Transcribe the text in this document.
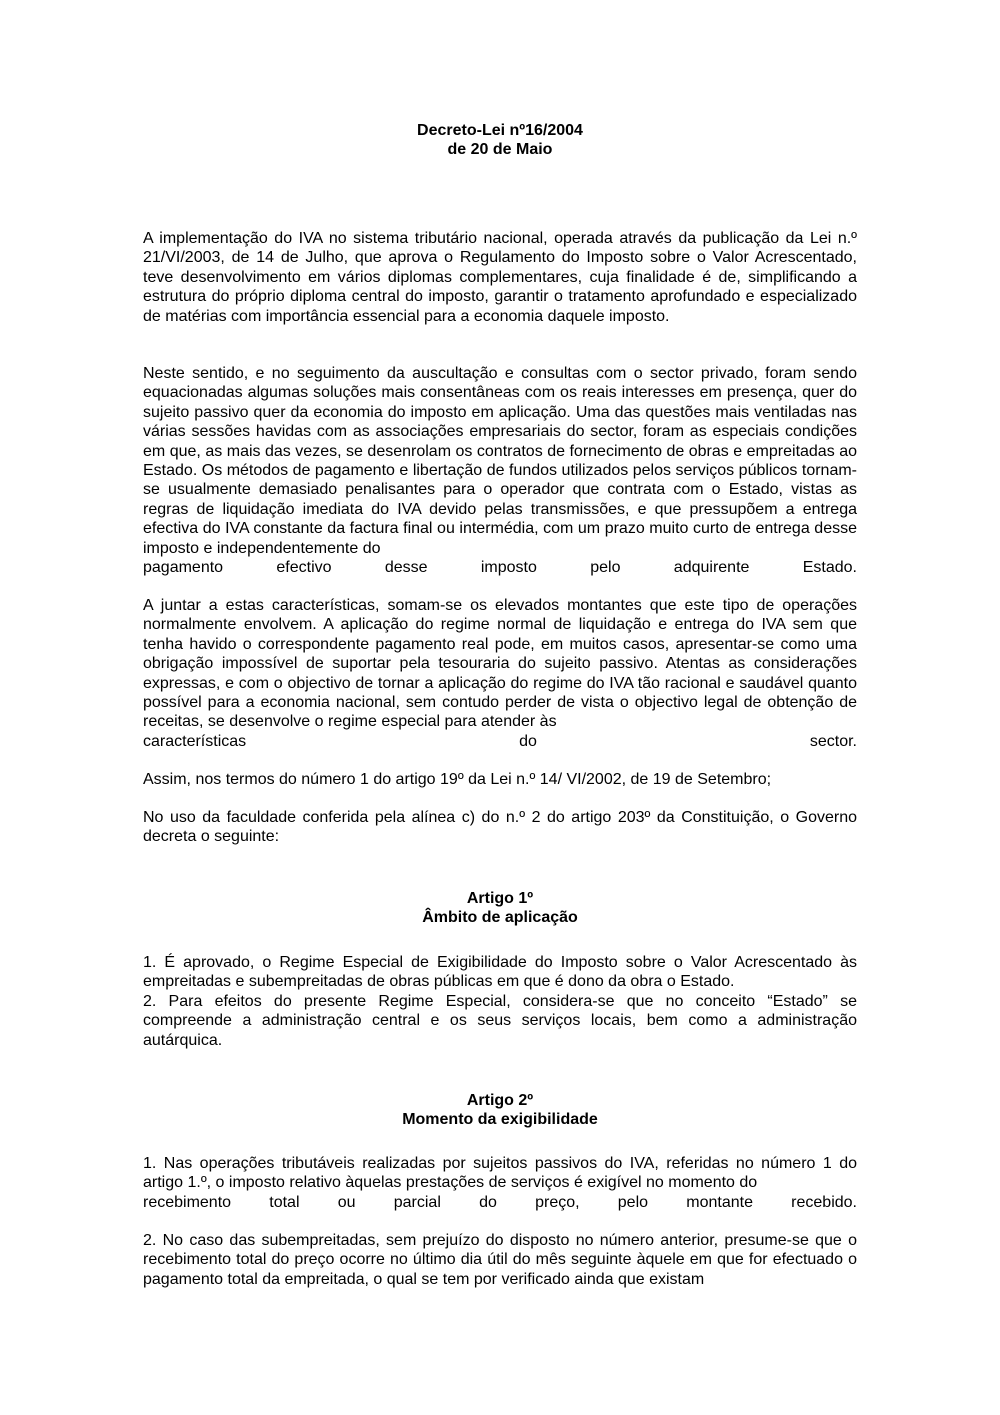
Decreto-Lei nº16/2004
de 20 de Maio
A implementação do IVA no sistema tributário nacional, operada através da publicação da Lei n.º 21/VI/2003, de 14 de Julho, que aprova o Regulamento do Imposto sobre o Valor Acrescentado, teve desenvolvimento em vários diplomas complementares, cuja finalidade é de, simplificando a estrutura do próprio diploma central do imposto, garantir o tratamento aprofundado e especializado de matérias com importância essencial para a economia daquele imposto.
Neste sentido, e no seguimento da auscultação e consultas com o sector privado, foram sendo equacionadas algumas soluções mais consentâneas com os reais interesses em presença, quer do sujeito passivo quer da economia do imposto em aplicação. Uma das questões mais ventiladas nas várias sessões havidas com as associações empresariais do sector, foram as especiais condições em que, as mais das vezes, se desenrolam os contratos de fornecimento de obras e empreitadas ao Estado. Os métodos de pagamento e libertação de fundos utilizados pelos serviços públicos tornam-se usualmente demasiado penalisantes para o operador que contrata com o Estado, vistas as regras de liquidação imediata do IVA devido pelas transmissões, e que pressupõem a entrega efectiva do IVA constante da factura final ou intermédia, com um prazo muito curto de entrega desse imposto e independentemente do
pagamento efectivo desse imposto pelo adquirente Estado.
A juntar a estas características, somam-se os elevados montantes que este tipo de operações normalmente envolvem. A aplicação do regime normal de liquidação e entrega do IVA sem que tenha havido o correspondente pagamento real pode, em muitos casos, apresentar-se como uma obrigação impossível de suportar pela tesouraria do sujeito passivo. Atentas as considerações expressas, e com o objectivo de tornar a aplicação do regime do IVA tão racional e saudável quanto possível para a economia nacional, sem contudo perder de vista o objectivo legal de obtenção de receitas, se desenvolve o regime especial para atender às
características do sector.
Assim, nos termos do número 1 do artigo 19º da Lei n.º 14/ VI/2002, de 19 de Setembro;
No uso da faculdade conferida pela alínea c) do n.º 2 do artigo 203º da Constituição, o Governo decreta o seguinte:
Artigo 1º
Âmbito de aplicação
1. É aprovado, o Regime Especial de Exigibilidade do Imposto sobre o Valor Acrescentado às empreitadas e subempreitadas de obras públicas em que é dono da obra o Estado.
2. Para efeitos do presente Regime Especial, considera-se que no conceito “Estado” se compreende a administração central e os seus serviços locais, bem como a administração autárquica.
Artigo 2º
Momento da exigibilidade
1. Nas operações tributáveis realizadas por sujeitos passivos do IVA, referidas no número 1 do artigo 1.º, o imposto relativo àquelas prestações de serviços é exigível no momento do
recebimento total ou parcial do preço, pelo montante recebido.
2. No caso das subempreitadas, sem prejuízo do disposto no número anterior, presume-se que o recebimento total do preço ocorre no último dia útil do mês seguinte àquele em que for efectuado o pagamento total da empreitada, o qual se tem por verificado ainda que existam
